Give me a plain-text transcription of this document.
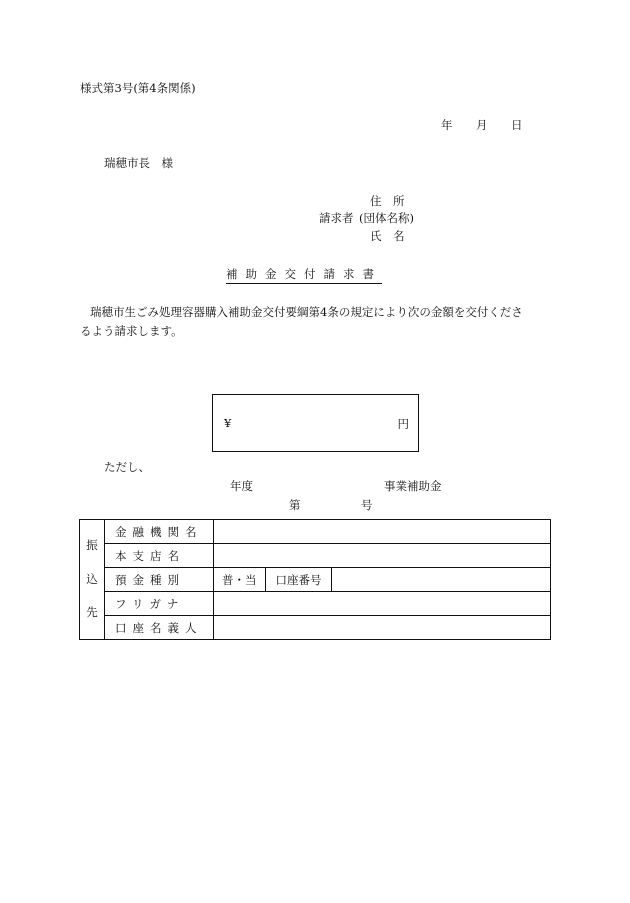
様式第3号(第4条関係)
年 月 日
瑞穂市長　様
住　所
請求者 (団体名称)
氏　名
補助金交付請求書
瑞穂市生ごみ処理容器購入補助金交付要綱第4条の規定により次の金額を交付くださ
るよう請求します。
¥	円
ただし、
年度	事業補助金
第	号
振
込
先	金融機関名	
	本支店名	
	預金種別	普・当 口座番号

	フリガナ	
	口座名義人	
